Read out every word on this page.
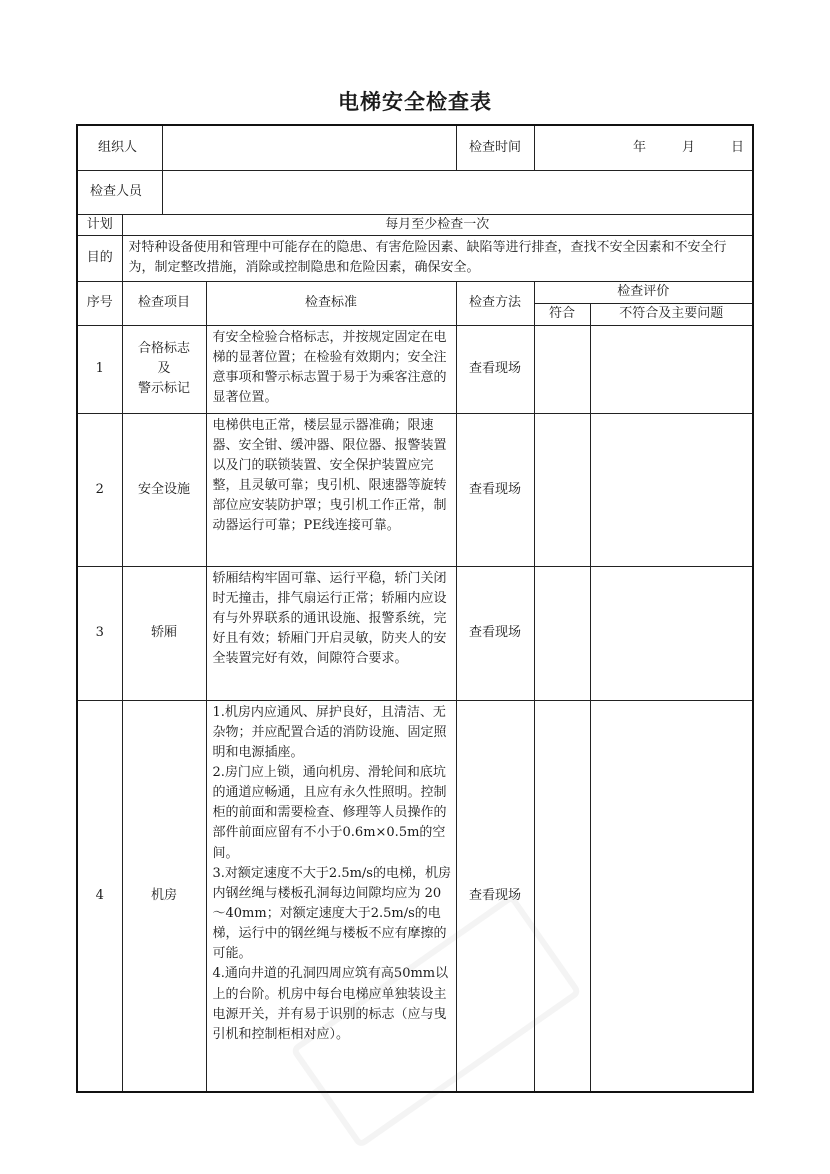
电梯安全检查表
组织人				检查时间	年 月 日	
检查人员						
计划	每月至少检查一次					
目的	对特种设备使用和管理中可能存在的隐患、有害危险因素、缺陷等进行排查，查找不安全因素和不安全行为，制定整改措施，消除或控制隐患和危险因素，确保安全。					
序号	检查项目		检查标准	检查方法	检查评价	
					符合	不符合及主要问题
1	合格标志
及
警示标记		有安全检验合格标志，并按规定固定在电梯的显著位置；在检验有效期内；安全注意事项和警示标志置于易于为乘客注意的显著位置。	查看现场		
2	安全设施		电梯供电正常，楼层显示器准确；限速器、安全钳、缓冲器、限位器、报警装置以及门的联锁装置、安全保护装置应完整，且灵敏可靠；曳引机、限速器等旋转部位应安装防护罩；曳引机工作正常，制动器运行可靠；PE线连接可靠。	查看现场		
3	轿厢		轿厢结构牢固可靠、运行平稳，轿门关闭时无撞击，排气扇运行正常；轿厢内应设有与外界联系的通讯设施、报警系统，完好且有效；轿厢门开启灵敏，防夹人的安全装置完好有效，间隙符合要求。	查看现场		
4	机房		1.机房内应通风、屏护良好，且清洁、无杂物；并应配置合适的消防设施、固定照明和电源插座。
2.房门应上锁，通向机房、滑轮间和底坑的通道应畅通，且应有永久性照明。控制柜的前面和需要检查、修理等人员操作的部件前面应留有不小于0.6m×0.5m的空间。
3.对额定速度不大于2.5m/s的电梯，机房内钢丝绳与楼板孔洞每边间隙均应为 20～40mm；对额定速度大于2.5m/s的电梯，运行中的钢丝绳与楼板不应有摩擦的可能。
4.通向井道的孔洞四周应筑有高50mm以上的台阶。机房中每台电梯应单独装设主电源开关，并有易于识别的标志（应与曳引机和控制柜相对应）。	查看现场		
